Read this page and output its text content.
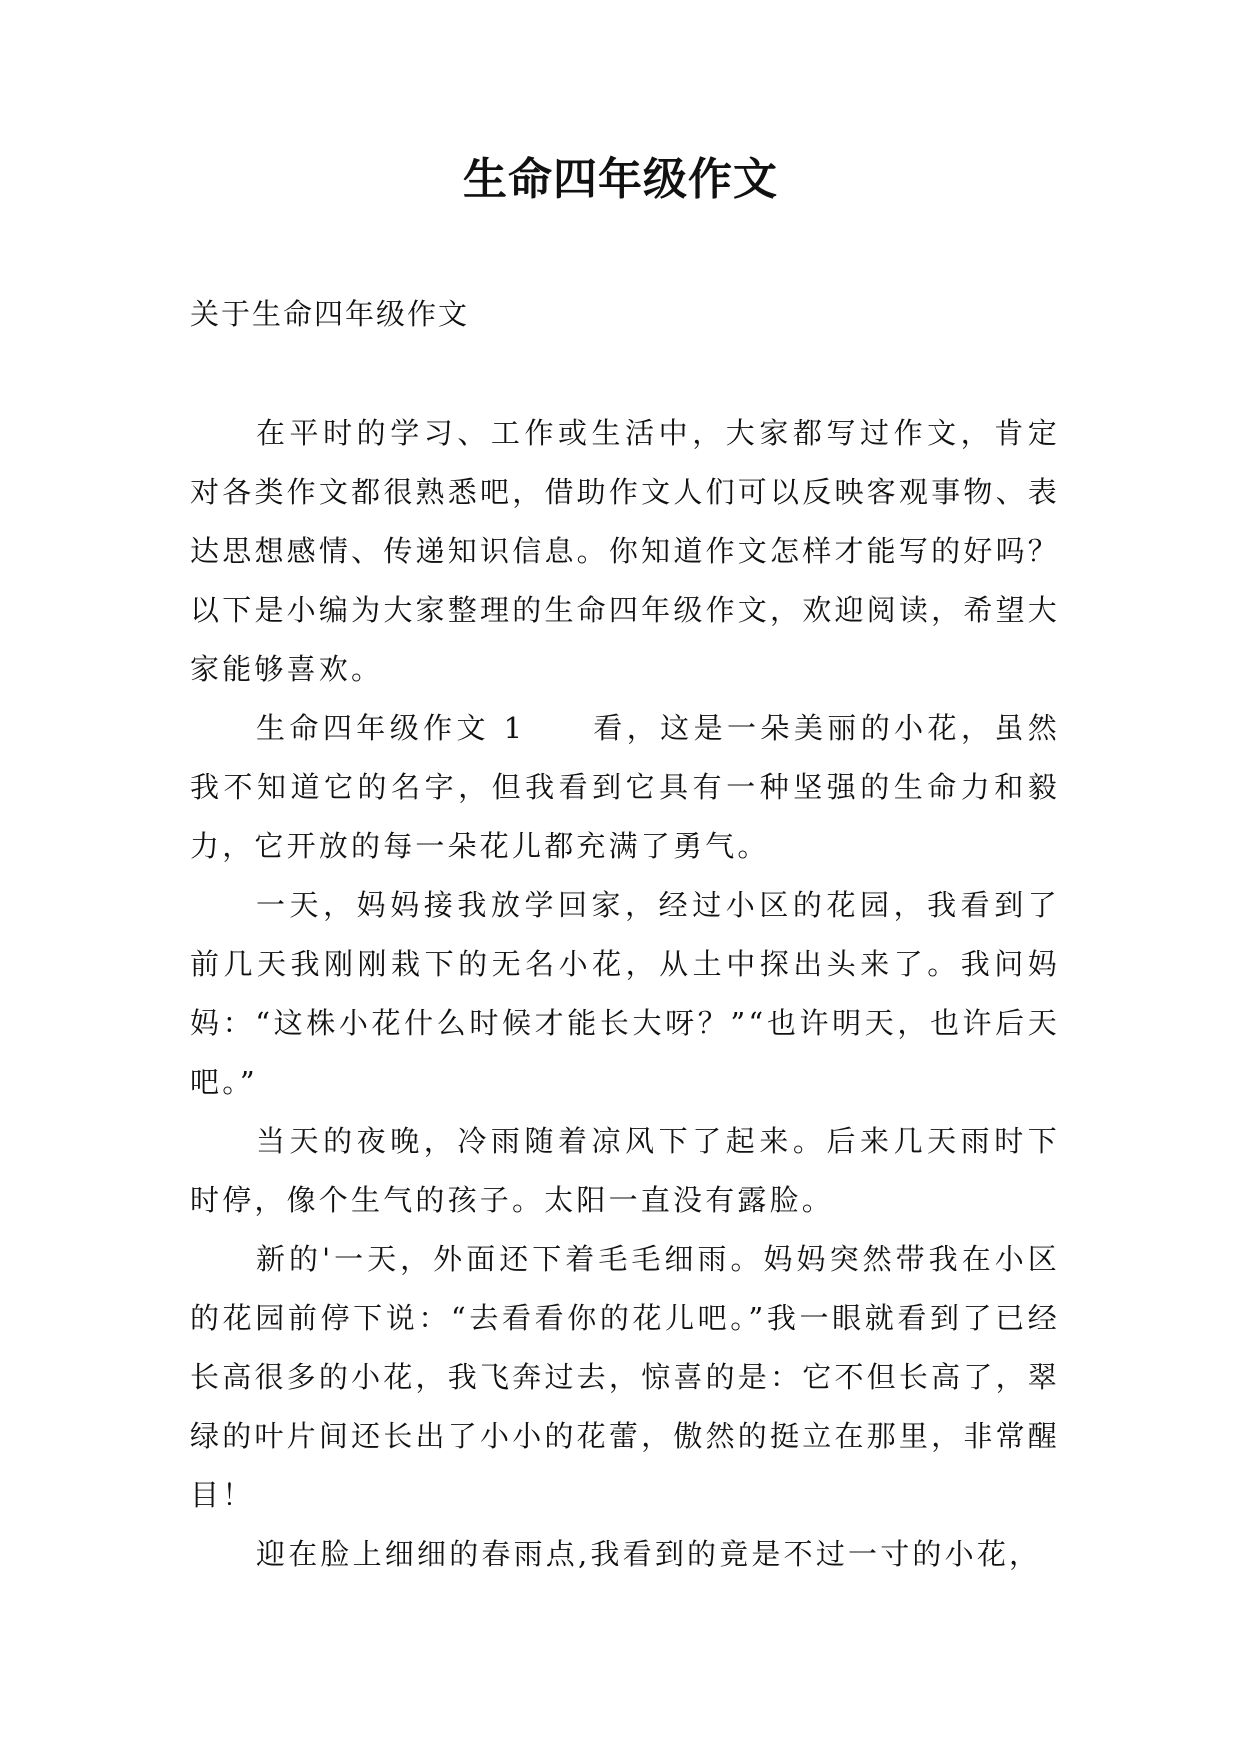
生命四年级作文
关于生命四年级作文

在平时的学习、工作或生活中，大家都写过作文，肯定对各类作文都很熟悉吧，借助作文人们可以反映客观事物、表达思想感情、传递知识信息。你知道作文怎样才能写的好吗？以下是小编为大家整理的生命四年级作文，欢迎阅读，希望大家能够喜欢。

生命四年级作文 1　　看，这是一朵美丽的小花，虽然我不知道它的名字，但我看到它具有一种坚强的生命力和毅力，它开放的每一朵花儿都充满了勇气。

一天，妈妈接我放学回家，经过小区的花园，我看到了前几天我刚刚栽下的无名小花，从土中探出头来了。我问妈妈：“这株小花什么时候才能长大呀？”“也许明天，也许后天吧。”

当天的夜晚，冷雨随着凉风下了起来。后来几天雨时下时停，像个生气的孩子。太阳一直没有露脸。

新的'一天，外面还下着毛毛细雨。妈妈突然带我在小区的花园前停下说：“去看看你的花儿吧。”我一眼就看到了已经长高很多的小花，我飞奔过去，惊喜的是：它不但长高了，翠绿的叶片间还长出了小小的花蕾，傲然的挺立在那里，非常醒目！

迎在脸上细细的春雨点,我看到的竟是不过一寸的小花，
